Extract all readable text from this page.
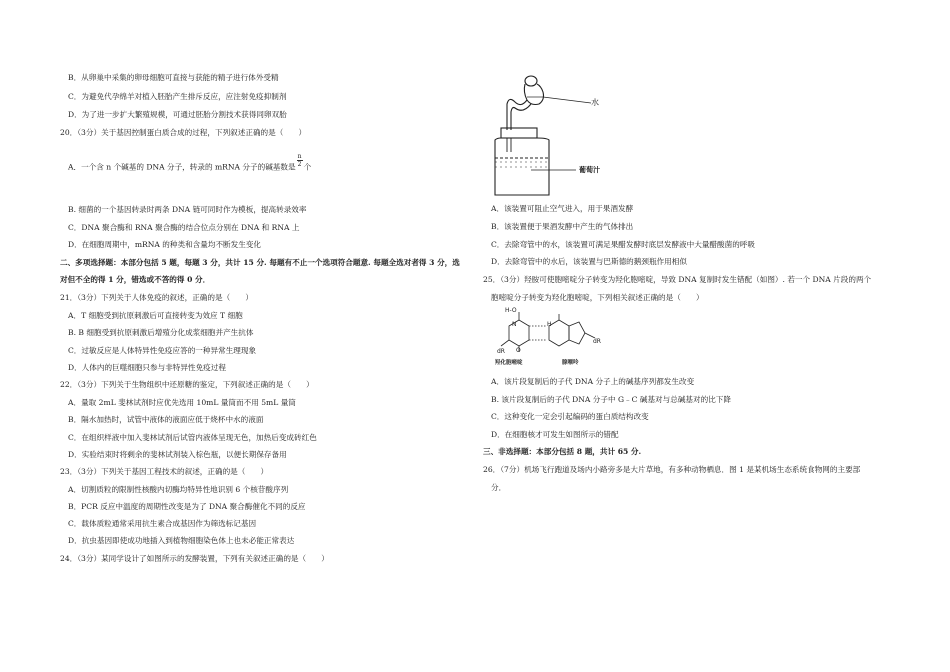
B．从卵巢中采集的卵母细胞可直接与获能的精子进行体外受精
C．为避免代孕绵羊对植入胚胎产生排斥反应，应注射免疫抑制剂
D．为了进一步扩大繁殖规模，可通过胚胎分割技术获得同卵双胎
20．（3分）关于基因控制蛋白质合成的过程，下列叙述正确的是（　　）
A．一个含 n 个碱基的 DNA 分子，转录的 mRNA 分子的碱基数是 $\frac{n}{2}$ 个
B. 细菌的一个基因转录时两条 DNA 链可同时作为模板，提高转录效率
C．DNA 聚合酶和 RNA 聚合酶的结合位点分别在 DNA 和 RNA 上
D．在细胞周期中，mRNA 的种类和含量均不断发生变化
二、多项选择题：本部分包括 5 题，每题 3 分，共计 15 分. 每题有不止一个选项符合题意. 每题全选对者得 3 分，选
对但不全的得 1 分，错选或不答的得 0 分．
21．（3分）下列关于人体免疫的叙述，正确的是（　　）
A．T 细胞受到抗原刺激后可直接转变为效应 T 细胞
B. B 细胞受到抗原刺激后增殖分化成浆细胞并产生抗体
C．过敏反应是人体特异性免疫应答的一种异常生理现象
D．人体内的巨噬细胞只参与非特异性免疫过程
22．（3分）下列关于生物组织中还原糖的鉴定，下列叙述正确的是（　　）
A．量取 2mL 斐林试剂时应优先选用 10mL 量筒而不用 5mL 量筒
B．隔水加热时，试管中液体的液面应低于烧杯中水的液面
C．在组织样液中加入斐林试剂后试管内液体呈现无色，加热后变成砖红色
D．实验结束时将剩余的斐林试剂装入棕色瓶，以便长期保存备用
23．（3分）下列关于基因工程技术的叙述，正确的是（　　）
A．切割质粒的限制性核酸内切酶均特异性地识别 6 个核苷酸序列
B．PCR 反应中温度的周期性改变是为了 DNA 聚合酶催化不同的反应
C．载体质粒通常采用抗生素合成基因作为筛选标记基因
D．抗虫基因即使成功地插入到植物细胞染色体上也未必能正常表达
24．（3分）某同学设计了如图所示的发酵装置，下列有关叙述正确的是（　　）
水
葡萄汁
A．该装置可阻止空气进入，用于果酒发酵
B．该装置便于果酒发酵中产生的气体排出
C．去除弯管中的水，该装置可满足果醋发酵时底层发酵液中大量醋酸菌的呼吸
D．去除弯管中的水后，该装置与巴斯德的鹅颈瓶作用相似
25．（3分）羟胺可使胞嘧啶分子转变为羟化胞嘧啶，导致 DNA 复制时发生错配（如图）. 若一个 DNA 片段的两个
胞嘧啶分子转变为羟化胞嘧啶，下列相关叙述正确的是（　　）
H-O
N	H
dR
dR
O
羟化胞嘧啶	腺嘌呤
A．该片段复制后的子代 DNA 分子上的碱基序列都发生改变
B. 该片段复制后的子代 DNA 分子中 G﹣C 碱基对与总碱基对的比下降
C．这种变化一定会引起编码的蛋白质结构改变
D．在细胞核才可发生如图所示的错配
三、非选择题：本部分包括 8 题，共计 65 分.
26．（7分）机场飞行跑道及场内小路旁多是大片草地，有多种动物栖息．图 1 是某机场生态系统食物网的主要部
分．
